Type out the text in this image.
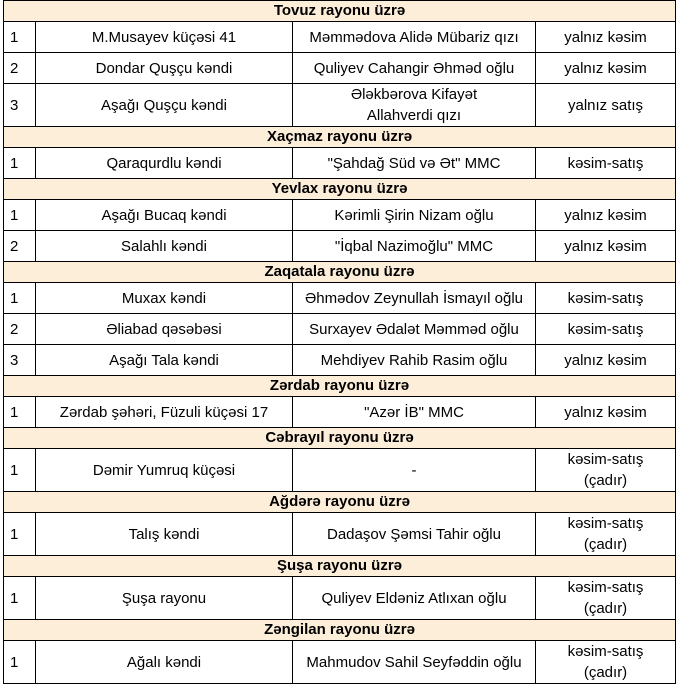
Tovuz rayonu üzrə			
1	M.Musayev küçəsi 41	Məmmədova Alidə Mübariz qızı	yalnız kəsim
2	Dondar Quşçu kəndi	Quliyev Cahangir Əhməd oğlu	yalnız kəsim
3	Aşağı Quşçu kəndi	Ələkbərova Kifayət Allahverdi qızı	yalnız satış
Xaçmaz rayonu üzrə			
1	Qaraqurdlu kəndi	"Şahdağ Süd və Ət" MMC	kəsim-satış
Yevlax rayonu üzrə			
1	Aşağı Bucaq kəndi	Kərimli Şirin Nizam oğlu	yalnız kəsim
2	Salahlı kəndi	"İqbal Nazimoğlu" MMC	yalnız kəsim
Zaqatala rayonu üzrə			
1	Muxax kəndi	Əhmədov Zeynullah İsmayıl oğlu	kəsim-satış
2	Əliabad qəsəbəsi	Surxayev Ədalət Məmməd oğlu	kəsim-satış
3	Aşağı Tala kəndi	Mehdiyev Rahib Rasim oğlu	yalnız kəsim
Zərdab rayonu üzrə			
1	Zərdab şəhəri, Füzuli küçəsi 17	"Azər İB" MMC	yalnız kəsim
Cəbrayıl rayonu üzrə			
1	Dəmir Yumruq küçəsi	-	kəsim-satış (çadır)
Ağdərə rayonu üzrə			
1	Talış kəndi	Dadaşov Şəmsi Tahir oğlu	kəsim-satış (çadır)
Şuşa rayonu üzrə			
1	Şuşa rayonu	Quliyev Eldəniz Atlıxan oğlu	kəsim-satış (çadır)
Zəngilan rayonu üzrə			
1	Ağalı kəndi	Mahmudov Sahil Seyfəddin oğlu	kəsim-satış (çadır)
